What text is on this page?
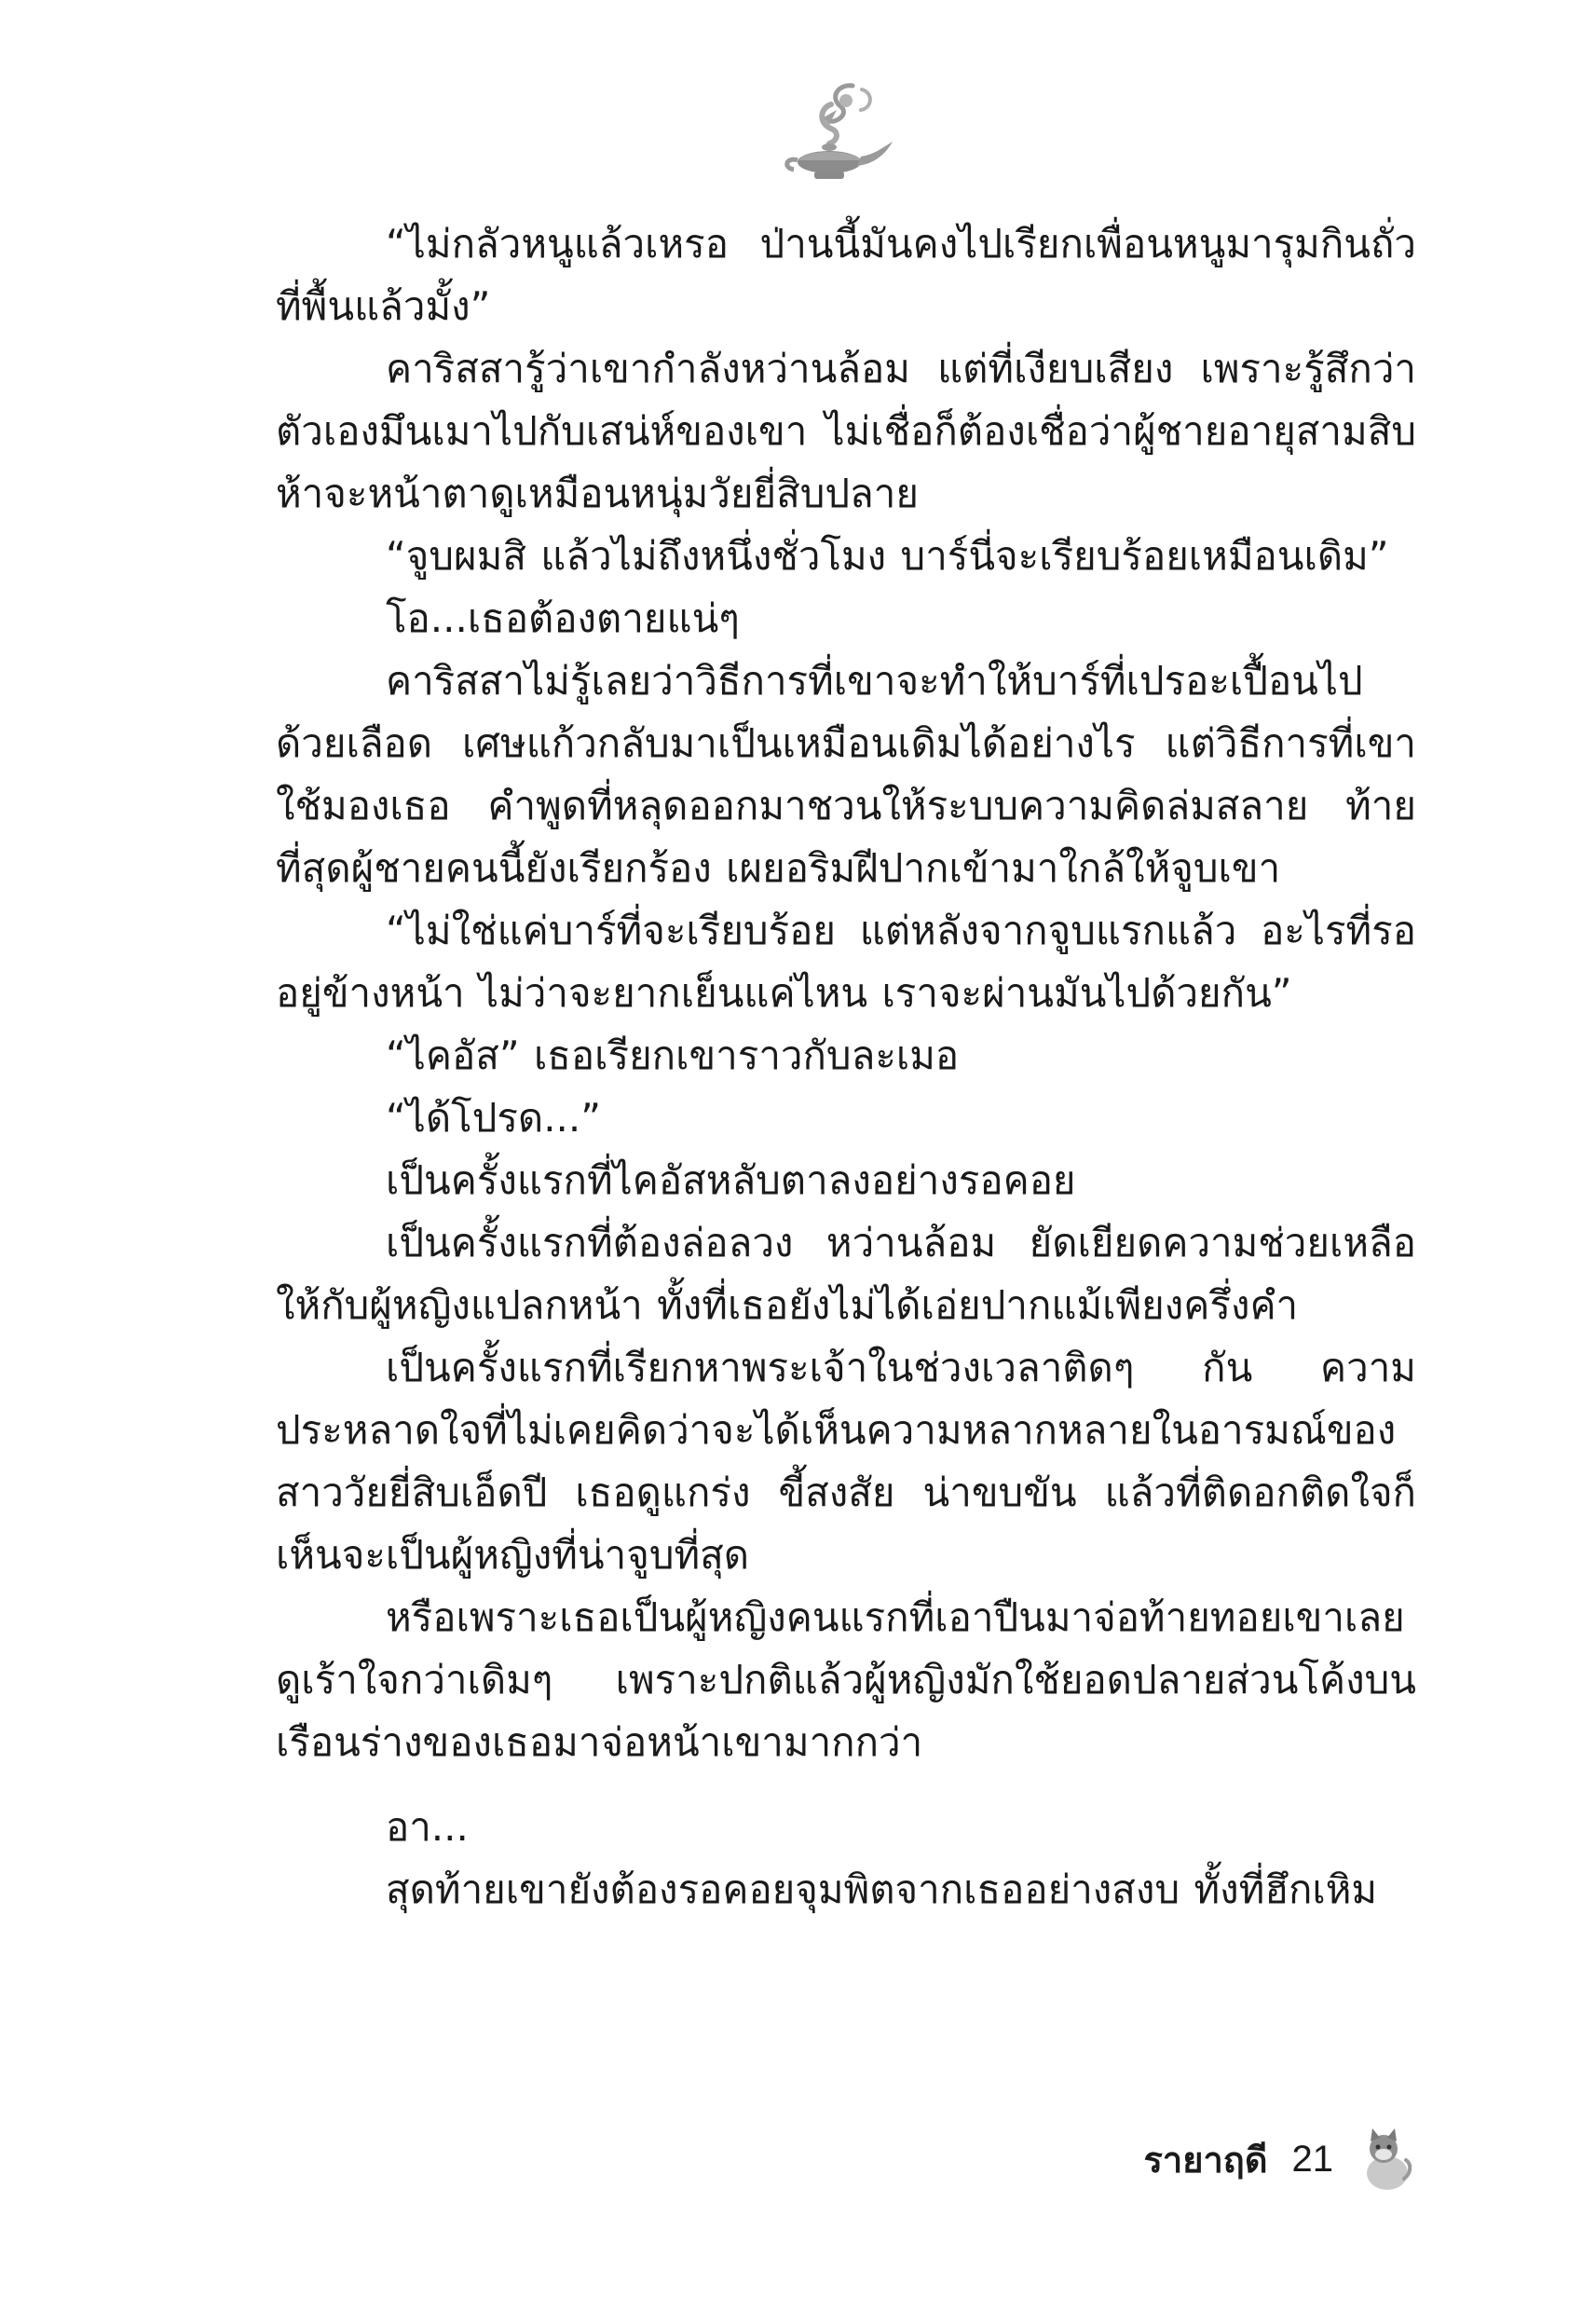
“ไม่กลัวหนูแล้วเหรอ ป่านนี้มันคงไปเรียกเพื่อนหนูมารุมกินถั่วที่พื้นแล้วมั้ง”

คาริสสารู้ว่าเขากำลังหว่านล้อม แต่ที่เงียบเสียง เพราะรู้สึกว่าตัวเองมึนเมาไปกับเสน่ห์ของเขา ไม่เชื่อก็ต้องเชื่อว่าผู้ชายอายุสามสิบห้าจะหน้าตาดูเหมือนหนุ่มวัยยี่สิบปลาย

“จูบผมสิ แล้วไม่ถึงหนึ่งชั่วโมง บาร์นี่จะเรียบร้อยเหมือนเดิม”

โอ...เธอต้องตายแน่ๆ

คาริสสาไม่รู้เลยว่าวิธีการที่เขาจะทำให้บาร์ที่เปรอะเปื้อนไปด้วยเลือด เศษแก้วกลับมาเป็นเหมือนเดิมได้อย่างไร แต่วิธีการที่เขาใช้มองเธอ คำพูดที่หลุดออกมาชวนให้ระบบความคิดล่มสลาย ท้ายที่สุดผู้ชายคนนี้ยังเรียกร้อง เผยอริมฝีปากเข้ามาใกล้ให้จูบเขา

“ไม่ใช่แค่บาร์ที่จะเรียบร้อย แต่หลังจากจูบแรกแล้ว อะไรที่รออยู่ข้างหน้า ไม่ว่าจะยากเย็นแค่ไหน เราจะผ่านมันไปด้วยกัน”

“ไคอัส” เธอเรียกเขาราวกับละเมอ

“ได้โปรด...”

เป็นครั้งแรกที่ไคอัสหลับตาลงอย่างรอคอย

เป็นครั้งแรกที่ต้องล่อลวง หว่านล้อม ยัดเยียดความช่วยเหลือให้กับผู้หญิงแปลกหน้า ทั้งที่เธอยังไม่ได้เอ่ยปากแม้เพียงครึ่งคำ

เป็นครั้งแรกที่เรียกหาพระเจ้าในช่วงเวลาติดๆ กัน ความประหลาดใจที่ไม่เคยคิดว่าจะได้เห็นความหลากหลายในอารมณ์ของสาววัยยี่สิบเอ็ดปี เธอดูแกร่ง ขี้สงสัย น่าขบขัน แล้วที่ติดอกติดใจก็เห็นจะเป็นผู้หญิงที่น่าจูบที่สุด

หรือเพราะเธอเป็นผู้หญิงคนแรกที่เอาปืนมาจ่อท้ายทอยเขาเลยดูเร้าใจกว่าเดิมๆ เพราะปกติแล้วผู้หญิงมักใช้ยอดปลายส่วนโค้งบนเรือนร่างของเธอมาจ่อหน้าเขามากกว่า

อา...

สุดท้ายเขายังต้องรอคอยจุมพิตจากเธออย่างสงบ ทั้งที่ฮึกเหิม

รายาฤดี 21
